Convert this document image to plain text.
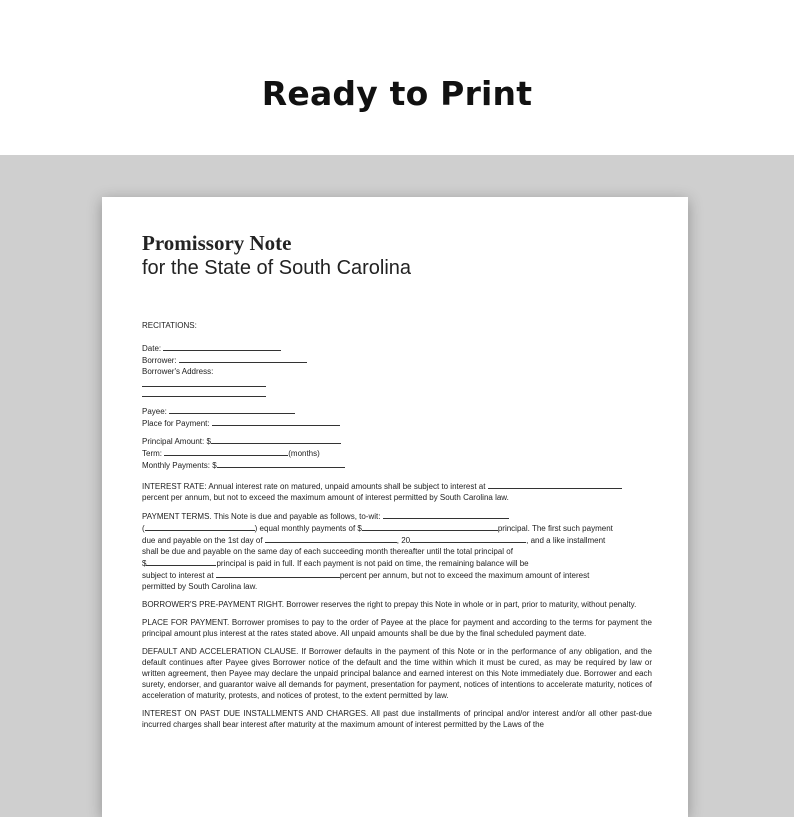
Ready to Print
Promissory Note
for the State of South Carolina
RECITATIONS:
Date:
Borrower:
Borrower's Address:
Payee:
Place for Payment:
Principal Amount: $
Term:	(months)
Monthly Payments: $
INTEREST RATE: Annual interest rate on matured, unpaid amounts shall be subject to interest at
percent per annum, but not to exceed the maximum amount of interest permitted by South Carolina law.
PAYMENT TERMS. This Note is due and payable as follows, to-wit:
(	) equal monthly payments of $	principal. The first such payment
due and payable on the 1st day of	, 20	, and a like installment
shall be due and payable on the same day of each succeeding month thereafter until the total principal of
$	principal is paid in full. If each payment is not paid on time, the remaining balance will be
subject to interest at	percent per annum, but not to exceed the maximum amount of interest
permitted by South Carolina law.
BORROWER'S PRE-PAYMENT RIGHT. Borrower reserves the right to prepay this Note in whole or in part, prior to maturity, without penalty.
PLACE FOR PAYMENT. Borrower promises to pay to the order of Payee at the place for payment and according to the terms for payment the principal amount plus interest at the rates stated above. All unpaid amounts shall be due by the final scheduled payment date.
DEFAULT AND ACCELERATION CLAUSE. If Borrower defaults in the payment of this Note or in the performance of any obligation, and the default continues after Payee gives Borrower notice of the default and the time within which it must be cured, as may be required by law or written agreement, then Payee may declare the unpaid principal balance and earned interest on this Note immediately due. Borrower and each surety, endorser, and guarantor waive all demands for payment, presentation for payment, notices of intentions to accelerate maturity, notices of acceleration of maturity, protests, and notices of protest, to the extent permitted by law.
INTEREST ON PAST DUE INSTALLMENTS AND CHARGES. All past due installments of principal and/or interest and/or all other past-due incurred charges shall bear interest after maturity at the maximum amount of interest permitted by the Laws of the
